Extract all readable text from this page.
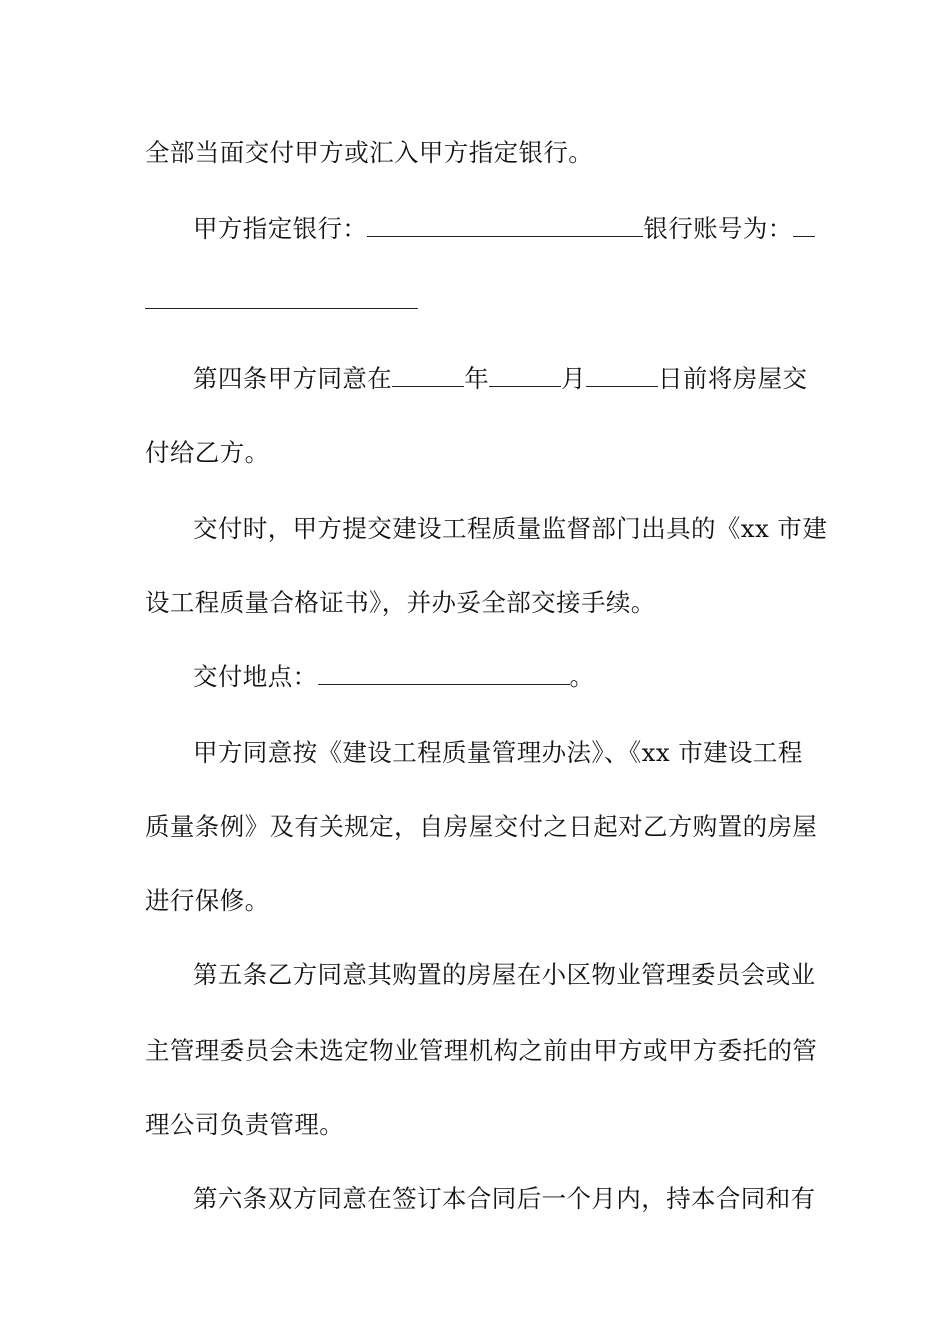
全部当面交付甲方或汇入甲方指定银行。
甲方指定银行：	银行账号为：
第四条甲方同意在	年	月	日前将房屋交
付给乙方。
交付时，甲方提交建设工程质量监督部门出具的《xx 市建
设工程质量合格证书》，并办妥全部交接手续。
交付地点：	。
甲方同意按《建设工程质量管理办法》、《xx 市建设工程
质量条例》及有关规定，自房屋交付之日起对乙方购置的房屋
进行保修。
第五条乙方同意其购置的房屋在小区物业管理委员会或业
主管理委员会未选定物业管理机构之前由甲方或甲方委托的管
理公司负责管理。
第六条双方同意在签订本合同后一个月内，持本合同和有
